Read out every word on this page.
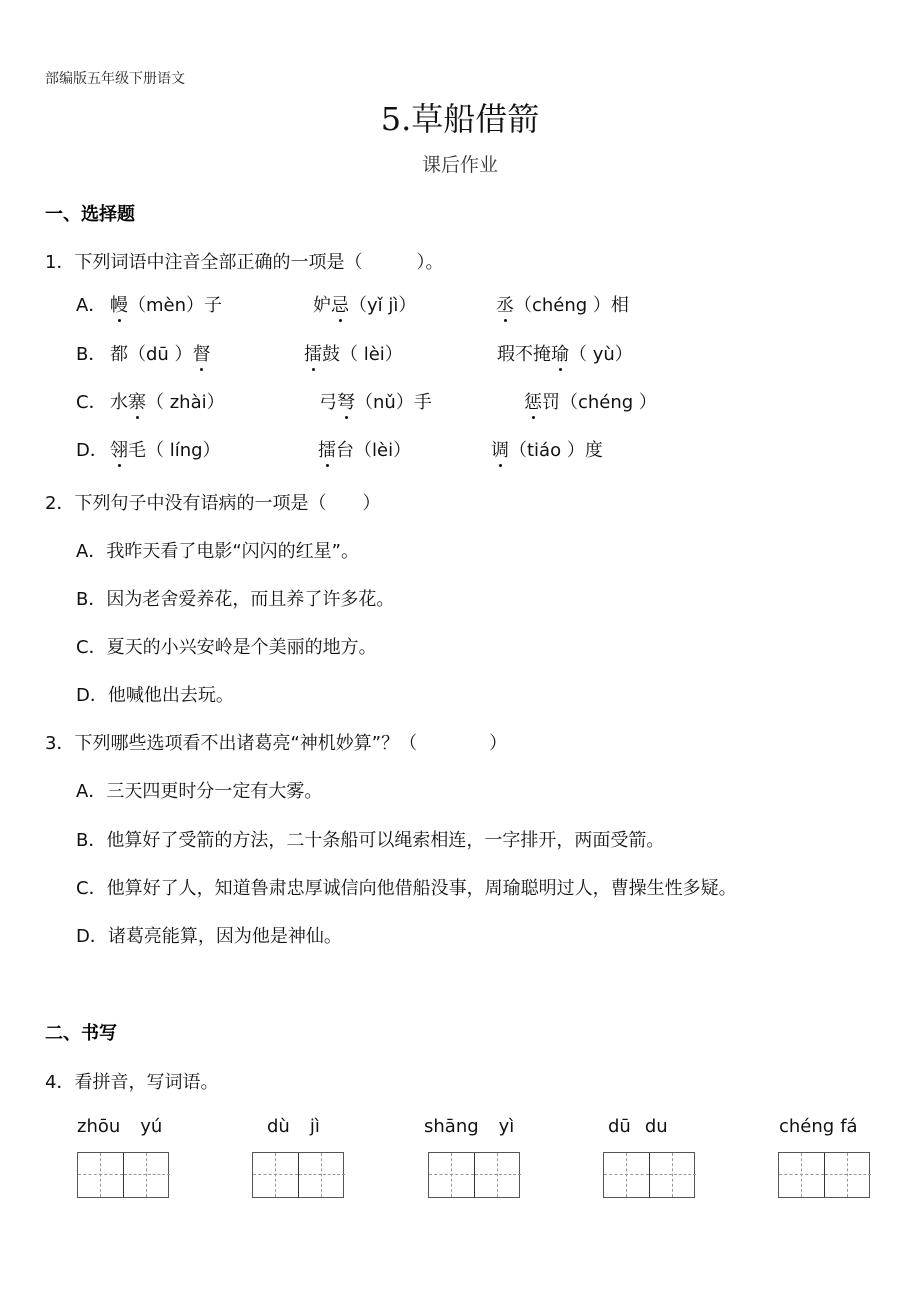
部编版五年级下册语文
5.草船借箭
课后作业
一、选择题
1．下列词语中注音全部正确的一项是（　　　）。
A． 幔（mèn）子	妒忌（yǐ jì）	丞（chéng ）相
B． 都（dū ）督	擂鼓（ lèi）	瑕不掩瑜（ yù）
C． 水寨（ zhài）	弓弩（nǔ）手	惩罚（chéng ）
D． 翎毛（ líng）	擂台（lèi）	调（tiáo ）度
2．下列句子中没有语病的一项是（　　）
A．我昨天看了电影“闪闪的红星”。
B．因为老舍爱养花，而且养了许多花。
C．夏天的小兴安岭是个美丽的地方。
D．他喊他出去玩。
3．下列哪些选项看不出诸葛亮“神机妙算”？（　　　　）
A．三天四更时分一定有大雾。
B．他算好了受箭的方法，二十条船可以绳索相连，一字排开，两面受箭。
C．他算好了人，知道鲁肃忠厚诚信向他借船没事，周瑜聪明过人，曹操生性多疑。
D．诸葛亮能算，因为他是神仙。
二、书写
4．看拼音，写词语。
zhōu yú	dù jì	shāng yì	dū du	chéng fá
